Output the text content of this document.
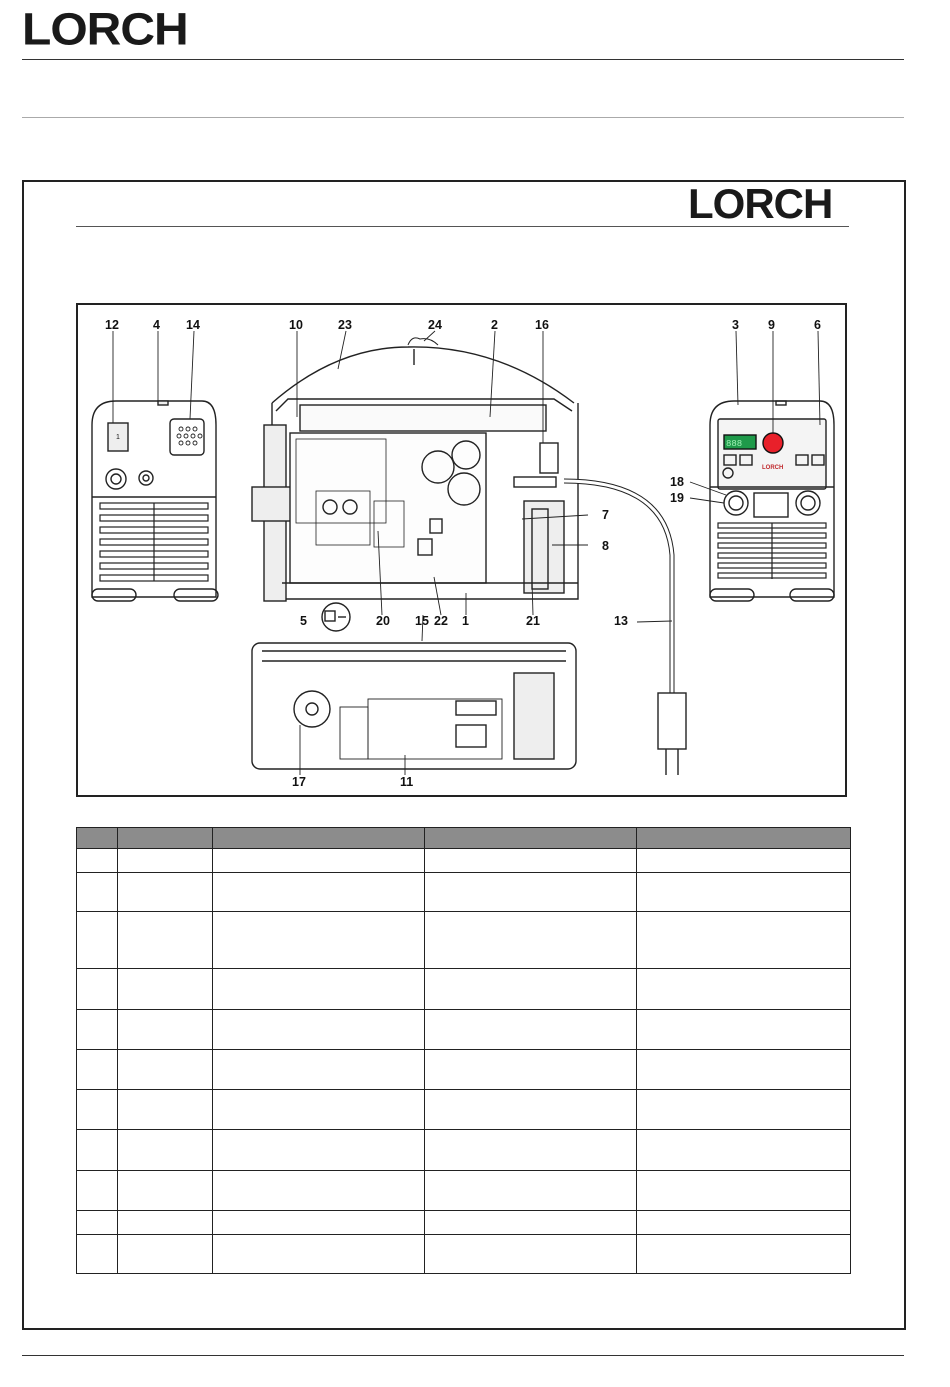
LORCH
LORCH
12	4 14	10	23	24	2	16	3 9	6
7
8
18
19
5	20 15 22 1	21	13
17	11
1
888
LORCH
